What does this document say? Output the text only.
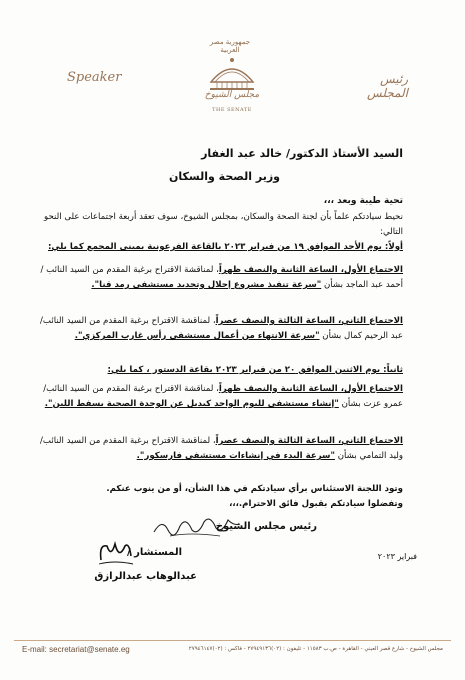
جمهورية مصر العربية
مجلس الشيوخ
THE SENATE
Speaker	رئيس المجلس
السيد الأستاذ الدكتور/ خالد عبد الغفار
وزير الصحة والسكان
تحية طيبة وبعد ،،،
نحيط سيادتكم علماً بأن لجنة الصحة والسكان، بمجلس الشيوخ، سوف تعقد أربعة اجتماعات على النحو التالي:
أولاً: يوم الأحد الموافق ١٩ من فبراير ٢٠٢٣ بالقاعة الفرعونية بمبنى المجمع كما يلي:
الاجتماع الأول، الساعة الثانية والنصف ظهراً، لمناقشة الاقتراح برغبة المقدم من السيد النائب / أحمد عبد الماجد بشأن "سرعة تنفيذ مشروع إحلال وتجديد مستشفى رمد قنا".
الاجتماع الثاني، الساعة الثالثة والنصف عصراً، لمناقشة الاقتراح برغبة المقدم من السيد النائب/ عبد الرحيم كمال بشأن "سرعة الانتهاء من أعمال مستشفى رأس غارب المركزي".
ثانياً: يوم الاثنين الموافق ٢٠ من فبراير ٢٠٢٣ بقاعة الدستور ، كما يلي:
الاجتماع الأول، الساعة الثانية والنصف ظهراً، لمناقشة الاقتراح برغبة المقدم من السيد النائب/عمرو عزت بشأن "إنشاء مستشفى لليوم الواحد كبديل عن الوحدة الصحية بسفط اللبن".
الاجتماع الثاني، الساعة الثالثة والنصف عصراً، لمناقشة الاقتراح برغبة المقدم من السيد النائب/ وليد التمامي بشأن "سرعة البدء في إنشاءات مستشفى فارسكور".
وتود اللجنة الاستئناس برأي سيادتكم في هذا الشأن، أو من ينوب عنكم.
وتفضلوا سيادتكم بقبول فائق الاحترام.،،،
رئيس مجلس الشيوخ
المستشار /
عبدالوهاب عبدالرازق
فبراير ٢٠٢٣
E-mail: secretariat@senate.eg	مجلس الشيوخ - شارع قصر العيني - القاهرة - ص.ب ١١٥٨٣ - تليفون : (٠٢)٢٧٩٤٩١٣٦ - فاكس : (٠٢)٢٧٩٤٦١٤٧
